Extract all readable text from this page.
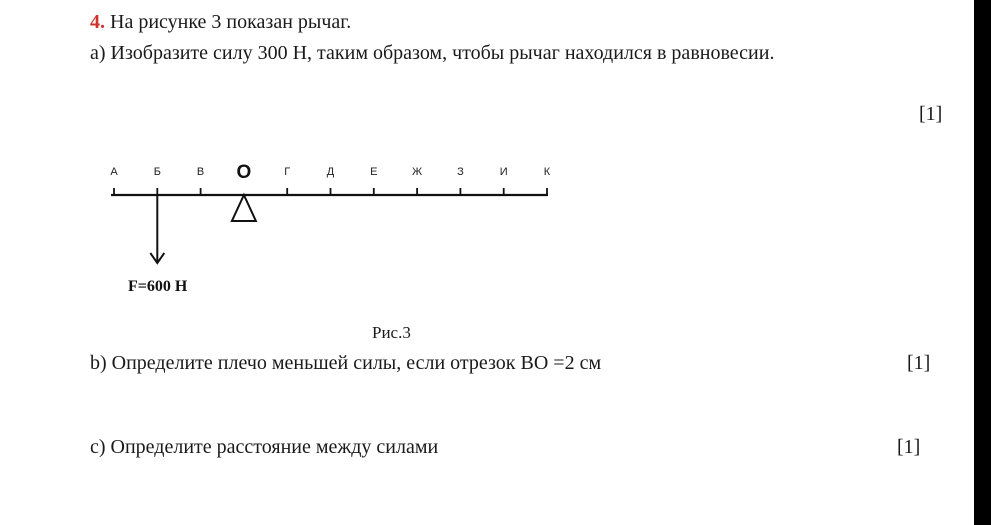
4. На рисунке 3 показан рычаг.
а) Изобразите силу 300 Н, таким образом, чтобы рычаг находился в равновесии.
[1]
А	Б	В О	Г	Д	Е	Ж	З	И	К
F=600 Н
Рис.3
b) Определите плечо меньшей силы, если отрезок ВО =2 см	[1]
c) Определите расстояние между силами	[1]
